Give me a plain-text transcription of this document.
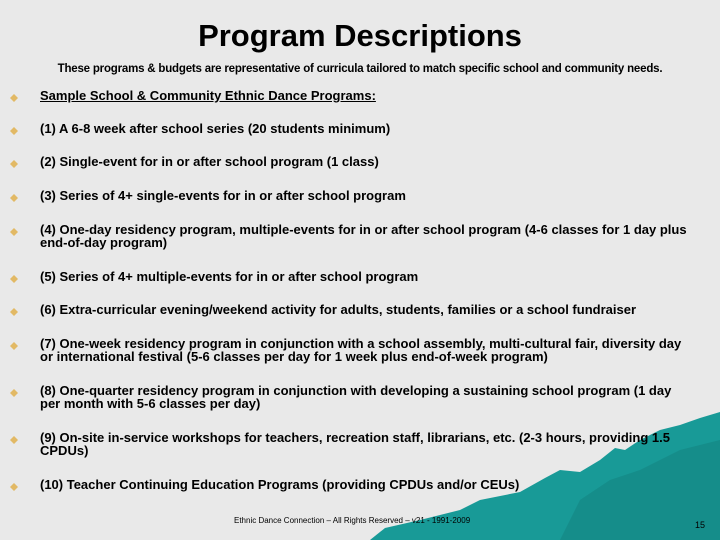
Program Descriptions
These programs & budgets are representative of curricula tailored to match specific school and community needs.
Sample School & Community Ethnic Dance Programs:
(1) A 6-8 week after school series (20 students minimum)
(2) Single-event for in or after school program (1 class)
(3) Series of 4+ single-events for in or after school program
(4) One-day residency program, multiple-events for in or after school program (4-6 classes for 1 day plus end-of-day program)
(5) Series of 4+ multiple-events for in or after school program
(6) Extra-curricular evening/weekend activity for adults, students, families or a school fundraiser
(7) One-week residency program in conjunction with a school assembly, multi-cultural fair, diversity day or international festival (5-6 classes per day for 1 week plus end-of-week program)
(8) One-quarter residency program in conjunction with developing a sustaining school program (1 day per month with 5-6 classes per day)
(9) On-site in-service workshops for teachers, recreation staff, librarians, etc. (2-3 hours, providing 1.5 CPDUs)
(10) Teacher Continuing Education Programs (providing CPDUs and/or CEUs)
Ethnic Dance Connection – All Rights Reserved – v21 - 1991-2009	15
